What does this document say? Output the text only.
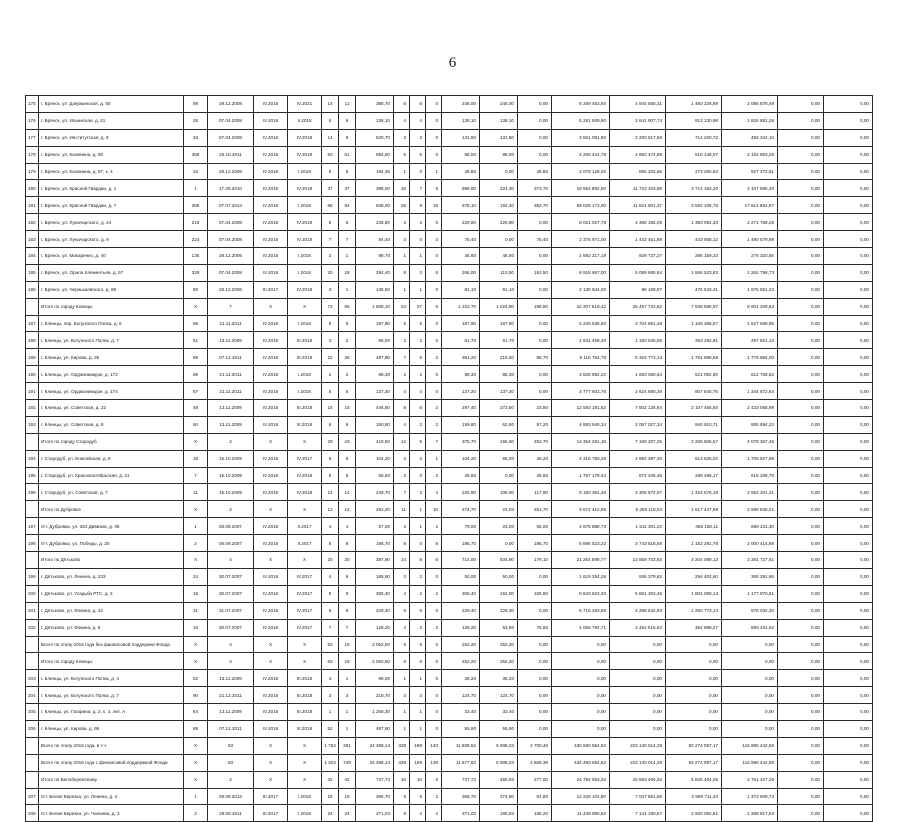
6
175	г. Брянск, ул. Дзержинская, д. 80	99	29.12.2008	IV.2016	IV.2021	14	11	388,70	6	6	0	248,00	248,00	0,00	8 289 453,60	4 944 558,31	1 460 226,89	2 086 878,49	0,00	0,00
176	г. Брянск, ул. Ильинская, д. 21	28	07.04.2008	IV.2016	II.2018	5	5	138,10	4	4	0	138,10	138,10	0,00	5 281 929,90	2 641 907,74	813 130,98	1 826 881,28	0,00	0,00
177	г. Брянск, ул. Институтская, д. 9	33	07.04.2008	IV.2016	IV.2019	14	8	520,70	3	3	0	131,50	131,50	0,00	3 551 081,90	2 200 517,68	714 220,72	456 344,10	0,00	0,00
178	г. Брянск, ул. Калинина, д. 50	369	25.10.2011	IV.2016	IV.2019	83	61	994,50	5	5	0	88,00	88,00	0,00	4 255 424,79	1 682 474,88	518 148,57	2 152 863,25	0,00	0,00
179	г. Брянск, ул. Калинина, д. 97, к. 4	32	28.12.2006	IV.2016	I.2019	5	5	184,36	1	0	1	46,80	0,00	46,80	2 078 128,00	855 202,56	273 260,83	927 272,61	0,00	0,00
180	г. Брянск, ул. Красной Гвардии, д. 1	1	17.05.2010	IV.2016	IV.2019	37	37	398,00	16	7	9	598,00	224,30	373,70	19 554 882,50	11 723 103,98	3 714 183,20	4 107 595,40	0,00	0,00
181	г. Брянск, ул. Красной Гвардии, д. 7	365	07.07.2014	IV.2016	I.2018	66	64	948,00	28	9	19	578,10	192,40	382,70	59 025 173,00	11 821 801,37	3 592 106,76	17 612 864,87	0,00	0,00
182	г. Брянск, ул. Луначарского, д. 44	216	07.04.2008	IV.2016	IV.2019	6	6	225,80	3	3	0	229,80	229,80	0,00	8 021 027,78	4 366 165,09	1 383 094,33	2 271 768,26	0,00	0,00
183	г. Брянск, ул. Луначарского, д. 9	224	07.04.2008	IV.2016	IV.2019	7	7	94,40	3	0	3	75,40	0,00	75,40	2 376 971,00	1 442 451,89	443 958,12	1 490 579,99	0,00	0,00
184	г. Брянск, ул. Макаренко, д. 40	135	28.12.2006	IV.2016	I.2018	2	1	98,70	1	1	0	48,60	48,60	0,00	1 692 217,19	929 737,27	286 159,23	276 320,56	0,00	0,00
185	г. Брянск, ул. Орала Клементьев, д. 57	329	07.04.2008	IV.2016	I.2018	20	18	294,40	8	3	5	266,00	113,50	152,50	8 918 667,00	5 089 685,84	1 566 523,83	2 262 758,73	0,00	0,00
186	г. Брянск, ул. Чернышевского, д. 88	80	28.12.2006	III.2017	IV.2019	3	1	135,50	1	1	0	81,10	81,10	0,00	2 139 944,00	86 169,97	476 543,41	1 975 651,22	0,00	0,00
	Итого по городу Клинцы	X	7	X	X	72	65	1 608,10	23	27	6	1 222,70	1 024,90	198,80	42 207 519,42	25 467 722,82	7 838 586,97	8 901 209,63	0,00	0,00
187	г. Клинцы, пер. Богунского Полка, д. 6	96	21.11.2011	IV.2016	I.2018	9	9	187,90	5	5	0	187,90	187,90	0,00	6 228 635,60	3 704 681,48	1 106 366,57	1 527 668,95	0,00	0,00
188	г. Клинцы, ул. Богунского Полка, д. 7	51	13.11.2009	IV.2016	III.2018	3	2	96,00	2	2	0	61,70	61,70	0,00	1 841 459,40	1 180 545,65	363 292,81	297 821,13	0,00	0,00
189	г. Клинцы, ул. Кирова, д. 35	89	07.12.2011	IV.2016	III.2018	22	26	487,90	7	5	2	361,20	215,50	85,70	9 116 754,78	5 324 773,13	1 761 998,56	1 779 984,00	0,00	0,00
190	г. Клинцы, ул. Орджоникидзе, д. 172	88	21.11.2011	IV.2016	I.2018	2	2	88,30	2	2	0	88,30	88,30	0,00	3 826 892,22	1 693 060,64	521 092,60	612 708,54	0,00	0,00
191	г. Клинцы, ул. Орджоникидзе, д. 174	87	21.11.2011	IV.2016	I.2018	5	5	137,20	4	4	0	137,20	137,20	0,00	4 777 603,76	2 624 690,39	807 840,75	1 344 872,64	0,00	0,00
192	г. Клинцы, ул. Советская, д. 22	49	13.11.2009	IV.2016	III.2018	15	15	446,80	8	6	2	297,40	273,50	23,90	12 583 181,52	7 502 126,94	2 107 465,50	2 433 058,99	0,00	0,00
193	г. Клинцы, ул. Советская, д. 8	60	13.11.2009	IV.2016	III.2018	6	6	150,80	4	2	2	159,80	62,60	97,20	4 883 945,34	2 057 027,34	940 910,71	885 694,23	0,00	0,00
	Итого по городу Стародуб	X	2	X	X	29	23	419,50	12	5	7	375,70	165,60	252,70	14 354 281,18	7 169 207,25	2 206 606,57	4 078 367,46	0,00	0,00
194	г. Стародуб, ул. Енисейская, д. 8	18	15.10.2009	IV.2016	IV.2017	6	6	104,20	2	2	1	104,20	55,00	49,20	4 316 750,28	1 992 387,30	613 525,02	1 709 827,96	0,00	0,00
195	г. Стародуб, ул. Краснооктябрьская, д. 21	7	15.10.2009	IV.2016	IV.2018	5	5	65,60	2	0	2	45,60	0,00	45,60	1 757 179,44	872 346,48	268 495,17	615 338,79	0,00	0,00
196	г. Стародуб, ул. Советская, д. 7	11	15.10.2009	IV.2016	IV.2018	14	14	249,70	7	3	4	225,90	108,00	117,90	8 180 351,46	4 305 572,97	1 324 576,18	2 552 201,31	0,00	0,00
	Итого по Дубровке	X	2	X	X	12	12	252,20	11	1	10	274,70	23,00	251,70	9 572 412,95	5 255 119,04	1 617 447,89	2 699 846,01	0,00	0,00
197	пгт. Дубровка, ул. 324 Дивизии, д. 49	1	06.09.2007	IV.2016	II.2017	4	4	57,00	3	1	2	79,00	23,00	56,00	2 675 888,73	1 511 301,22	465 156,11	699 431,30	0,00	0,00
198	пгт. Дубровка, ул. Победы, д. 20	2	06.09.2007	IV.2016	II.2017	8	8	195,70	8	0	8	195,70	0,00	195,70	6 896 523,22	3 743 818,58	1 152 291,78	2 000 414,86	0,00	0,00
	Итого по Дятьково	X	4	X	X	20	20	387,90	14	8	6	714,00	534,90	179,10	21 264 899,77	13 659 703,93	4 204 089,13	3 381 727,61	0,00	0,00
199	г. Дятьково, ул. Ленина, д. 233	24	30.07.2007	IV.2016	IV.2017	4	6	185,90	3	2	0	50,00	50,00	0,00	1 619 254,28	936 379,82	294 402,60	368 291,86	0,00	0,00
200	г. Дятьково, ул. Усадьба РТС, д. 3	15	30.07.2007	IV.2016	IV.2017	9	9	306,40	4	2	2	306,40	162,00	105,50	8 843 623,20	5 861 353,46	1 804 099,13	1 177 970,61	0,00	0,00
201	г. Дятьково, ул. Фокина, д. 42	31	31.07.2007	IV.2016	IV.2017	8	8	229,40	6	6	0	229,40	229,40	0,00	6 715 283,58	4 288 542,93	1 250 773,13	976 032,32	0,00	0,00
202	г. Дятьково, ул. Фокина, д. 6	10	30.07.2007	IV.2016	IV.2017	7	7	128,20	4	2	2	128,20	53,60	75,60	4 066 794,71	2 452 516,82	354 898,27	859 431,62	0,00	0,00
	Всего по этапу 2015 года без финансовой поддержки Фонда	X	4	X	X	63	19	2 062,50	6	6	0	252,20	252,20	0,00	0,00	0,00	0,00	0,00	0,00	0,00
	Итого по городу Клинцы	X	4	X	X	63	19	2 062,50	6	6	0	252,20	252,20	0,00	0,00	0,00	0,00	0,00	0,00	0,00
203	г. Клинцы, ул. Богунского Полка, д. 4	52	13.11.2009	IV.2016	III.2018	3	1	98,00	1	1	0	36,20	36,20	0,00	0,00	0,00	0,00	0,00	0,00	0,00
204	г. Клинцы, ул. Богунского Полка, д. 7	90	21.12.2011	IV.2016	III.2018	3	3	218,70	3	3	0	124,70	124,70	0,00	0,00	0,00	0,00	0,00	0,00	0,00
205	г. Клинцы, ул. Гагарина, д. 2, к. 2, лит. А	64	13.11.2009	IV.2016	III.2018	1	1	1 258,30	1	1	0	33,40	33,40	0,00	0,00	0,00	0,00	0,00	0,00	0,00
206	г. Клинцы, ул. Кирова, д. 95	89	07.12.2011	IV.2016	III.2018	52	1	487,90	1	1	0	55,90	55,90	0,00	0,00	0,00	0,00	0,00	0,00	0,00
	Всего по этапу 2016 года, в т.ч.	X	83	X	X	1 753	351	24 499,14	339	199	140	11 608,52	6 908,23	4 700,49	430 690 554,62	223 130 014,29	92 274 097,17	116 986 442,56	0,00	0,00
	Всего по этапу 2016 года с финансовой поддержкой Фонда	X	83	X	X	1 323	749	24 499,14	338	199	139	11 577,62	6 908,23	4 669,39	434 490 554,62	223 130 014,29	92 274 097,17	116 986 442,56	0,00	0,00
	Итого по Белобережскому	X	2	X	X	42	42	737,73	16	10	6	737,73	460,93	277,00	24 784 053,32	15 693 466,32	5 825 404,05	2 761 427,26	0,00	0,00
207	пгт. Белая Березка, ул. Ленина, д. 4	1	29.08.2013	III.2017	I.2018	18	18	366,70	8	6	2	366,70	274,90	91,80	12 225 102,80	7 037 861,66	2 899 711,44	1 372 609,73	0,00	0,00
208	пгт. Белая Березка, ул. Чапаева, д. 3	2	29.08.2011	III.2017	I.2018	24	24	371,03	8	4	4	371,03	185,83	185,20	11 438 890,52	7 141 180,57	2 920 092,61	1 388 817,53	0,00	0,00
